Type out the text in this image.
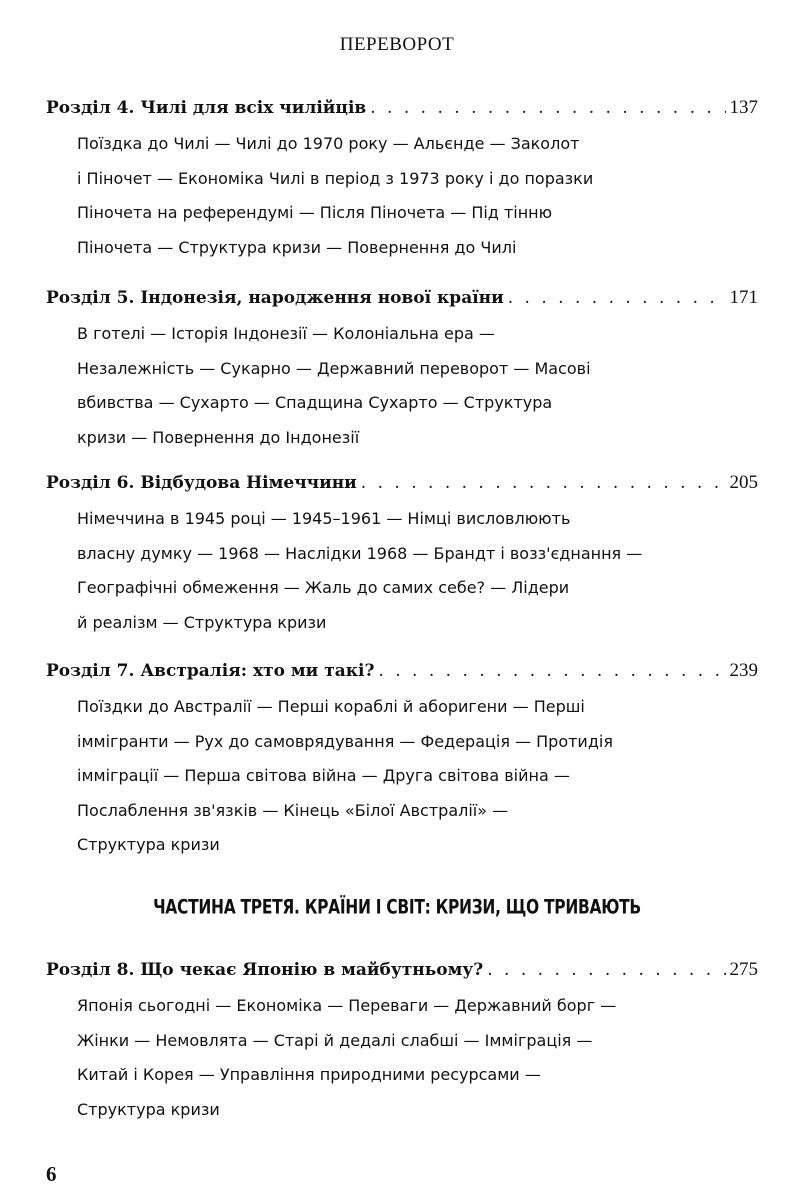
ПЕРЕВОРОТ
Розділ 4. Чилі для всіх чилійців . . .	137
Поїздка до Чилі — Чилі до 1970 року — Альєнде — Заколот
і Піночет — Економіка Чилі в період з 1973 року і до поразки
Піночета на референдумі — Після Піночета — Під тінню
Піночета — Структура кризи — Повернення до Чилі
Розділ 5. Індонезія, народження нової країни . . .	171
В готелі — Історія Індонезії — Колоніальна ера —
Незалежність — Сукарно — Державний переворот — Масові
вбивства — Сухарто — Спадщина Сухарто — Структура
кризи — Повернення до Індонезії
Розділ 6. Відбудова Німеччини . . .	205
Німеччина в 1945 році — 1945–1961 — Німці висловлюють
власну думку — 1968 — Наслідки 1968 — Брандт і возз'єднання —
Географічні обмеження — Жаль до самих себе? — Лідери
й реалізм — Структура кризи
Розділ 7. Австралія: хто ми такі? . . .	239
Поїздки до Австралії — Перші кораблі й аборигени — Перші
іммігранти — Рух до самоврядування — Федерація — Протидія
імміграції — Перша світова війна — Друга світова війна —
Послаблення зв'язків — Кінець «Білої Австралії» —
Структура кризи
ЧАСТИНА ТРЕТЯ. КРАЇНИ І СВІТ: КРИЗИ, ЩО ТРИВАЮТЬ
Розділ 8. Що чекає Японію в майбутньому? . . .	275
Японія сьогодні — Економіка — Переваги — Державний борг —
Жінки — Немовлята — Старі й дедалі слабші — Імміграція —
Китай і Корея — Управління природними ресурсами —
Структура кризи
6
